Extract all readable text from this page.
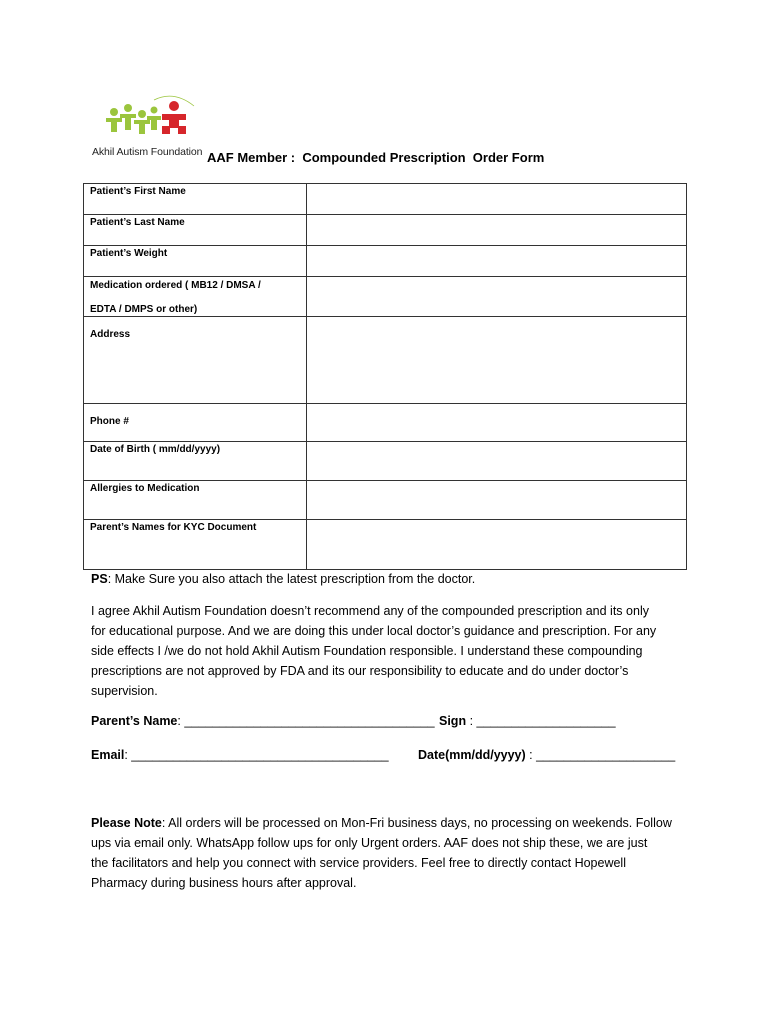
Akhil Autism Foundation AAF Member :  Compounded Prescription  Order Form
Patient’s First Name	
Patient’s Last Name	
Patient’s Weight	

Medication ordered ( MB12 / DMSA /
EDTA / DMPS or other)	

Address	
Phone #	
Date of Birth ( mm/dd/yyyy)	
Allergies to Medication	
Parent’s Names for KYC Document	
PS: Make Sure you also attach the latest prescription from the doctor.
I agree Akhil Autism Foundation doesn’t recommend any of the compounded prescription and its only
for educational purpose. And we are doing this under local doctor’s guidance and prescription. For any
side effects I /we do not hold Akhil Autism Foundation responsible. I understand these compounding
prescriptions are not approved by FDA and its our responsibility to educate and do under doctor’s
supervision.
Parent’s Name: ____________________________________ Sign : ____________________
Email: _____________________________________ Date(mm/dd/yyyy) : ____________________
Please Note: All orders will be processed on Mon-Fri business days, no processing on weekends. Follow
ups via email only. WhatsApp follow ups for only Urgent orders. AAF does not ship these, we are just
the facilitators and help you connect with service providers. Feel free to directly contact Hopewell
Pharmacy during business hours after approval.
